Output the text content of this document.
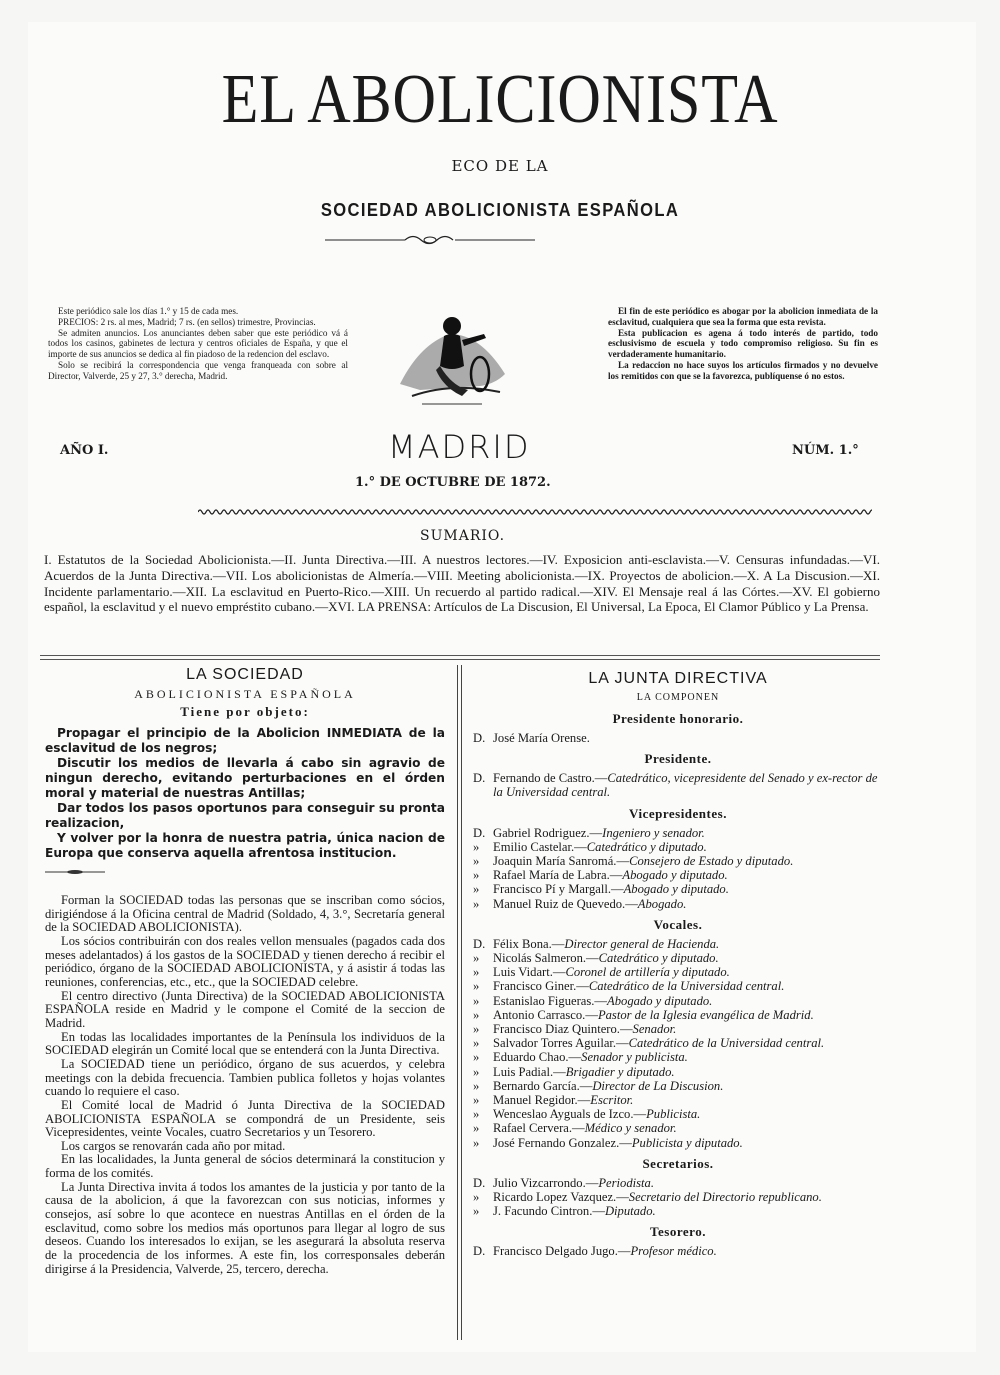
EL ABOLICIONISTA
ECO DE LA
SOCIEDAD ABOLICIONISTA ESPAÑOLA

Este periódico sale los días 1.° y 15 de cada mes.

PRECIOS: 2 rs. al mes, Madrid; 7 rs. (en sellos) trimestre, Provincias.

Se admiten anuncios. Los anunciantes deben saber que este periódico vá á todos los casinos, gabinetes de lectura y centros oficiales de España, y que el importe de sus anuncios se dedica al fin piadoso de la redencion del esclavo.

Solo se recibirá la correspondencia que venga franqueada con sobre al Director, Valverde, 25 y 27, 3.° derecha, Madrid.

El fin de este periódico es abogar por la abolicion inmediata de la esclavitud, cualquiera que sea la forma que esta revista.

Esta publicacion es agena á todo interés de partido, todo esclusivismo de escuela y todo compromiso religioso. Su fin es verdaderamente humanitario.

La redaccion no hace suyos los artículos firmados y no devuelve los remitidos con que se la favorezca, publíquense ó no estos.

AÑO I.	MADRID	NÚM. 1.°
1.° DE OCTUBRE DE 1872.
SUMARIO.
I. Estatutos de la Sociedad Abolicionista.—II. Junta Directiva.—III. A nuestros lectores.—IV. Exposicion anti-esclavista.—V. Censuras infundadas.—VI. Acuerdos de la Junta Directiva.—VII. Los abolicionistas de Almería.—VIII. Meeting abolicionista.—IX. Proyectos de abolicion.—X. A La Discusion.—XI. Incidente parlamentario.—XII. La esclavitud en Puerto-Rico.—XIII. Un recuerdo al partido radical.—XIV. El Mensaje real á las Córtes.—XV. El gobierno español, la esclavitud y el nuevo empréstito cubano.—XVI. LA PRENSA: Artículos de La Discusion, El Universal, La Epoca, El Clamor Público y La Prensa.

LA SOCIEDAD

ABOLICIONISTA ESPAÑOLA

Tiene por objeto:

Propagar el principio de la Abolicion INMEDIATA de la esclavitud de los negros;

Discutir los medios de llevarla á cabo sin agravio de ningun derecho, evitando perturbaciones en el órden moral y material de nuestras Antillas;

Dar todos los pasos oportunos para conseguir su pronta realizacion,

Y volver por la honra de nuestra patria, única nacion de Europa que conserva aquella afrentosa institucion.

Forman la SOCIEDAD todas las personas que se inscriban como sócios, dirigiéndose á la Oficina central de Madrid (Soldado, 4, 3.°, Secretaría general de la SOCIEDAD ABOLICIONISTA).

Los sócios contribuirán con dos reales vellon mensuales (pagados cada dos meses adelantados) á los gastos de la SOCIEDAD y tienen derecho á recibir el periódico, órgano de la SOCIEDAD ABOLICIONISTA, y á asistir á todas las reuniones, conferencias, etc., etc., que la SOCIEDAD celebre.

El centro directivo (Junta Directiva) de la SOCIEDAD ABOLICIONISTA ESPAÑOLA reside en Madrid y le compone el Comité de la seccion de Madrid.

En todas las localidades importantes de la Península los individuos de la SOCIEDAD elegirán un Comité local que se entenderá con la Junta Directiva.

La SOCIEDAD tiene un periódico, órgano de sus acuerdos, y celebra meetings con la debida frecuencia. Tambien publica folletos y hojas volantes cuando lo requiere el caso.

El Comité local de Madrid ó Junta Directiva de la SOCIEDAD ABOLICIONISTA ESPAÑOLA se compondrá de un Presidente, seis Vicepresidentes, veinte Vocales, cuatro Secretarios y un Tesorero.

Los cargos se renovarán cada año por mitad.

En las localidades, la Junta general de sócios determinará la constitucion y forma de los comités.

La Junta Directiva invita á todos los amantes de la justicia y por tanto de la causa de la abolicion, á que la favorezcan con sus noticias, informes y consejos, así sobre lo que acontece en nuestras Antillas en el órden de la esclavitud, como sobre los medios más oportunos para llegar al logro de sus deseos. Cuando los interesados lo exijan, se les asegurará la absoluta reserva de la procedencia de los informes. A este fin, los corresponsales deberán dirigirse á la Presidencia, Valverde, 25, tercero, derecha.

LA JUNTA DIRECTIVA

LA COMPONEN

Presidente honorario.

D. José María Orense.

Presidente.

D. Fernando de Castro.—Catedrático, vicepresidente del Senado y ex-rector de la Universidad central.

Vicepresidentes.

D. Gabriel Rodriguez.—Ingeniero y senador.

» Emilio Castelar.—Catedrático y diputado.

» Joaquin María Sanromá.—Consejero de Estado y diputado.

» Rafael María de Labra.—Abogado y diputado.

» Francisco Pí y Margall.—Abogado y diputado.

» Manuel Ruiz de Quevedo.—Abogado.

Vocales.

D. Félix Bona.—Director general de Hacienda.

» Nicolás Salmeron.—Catedrático y diputado.

» Luis Vidart.—Coronel de artillería y diputado.

» Francisco Giner.—Catedrático de la Universidad central.

» Estanislao Figueras.—Abogado y diputado.

» Antonio Carrasco.—Pastor de la Iglesia evangélica de Madrid.

» Francisco Diaz Quintero.—Senador.

» Salvador Torres Aguilar.—Catedrático de la Universidad central.

» Eduardo Chao.—Senador y publicista.

» Luis Padial.—Brigadier y diputado.

» Bernardo García.—Director de La Discusion.

» Manuel Regidor.—Escritor.

» Wenceslao Ayguals de Izco.—Publicista.

» Rafael Cervera.—Médico y senador.

» José Fernando Gonzalez.—Publicista y diputado.

Secretarios.

D. Julio Vizcarrondo.—Periodista.

» Ricardo Lopez Vazquez.—Secretario del Directorio republicano.

» J. Facundo Cintron.—Diputado.

Tesorero.

D. Francisco Delgado Jugo.—Profesor médico.
